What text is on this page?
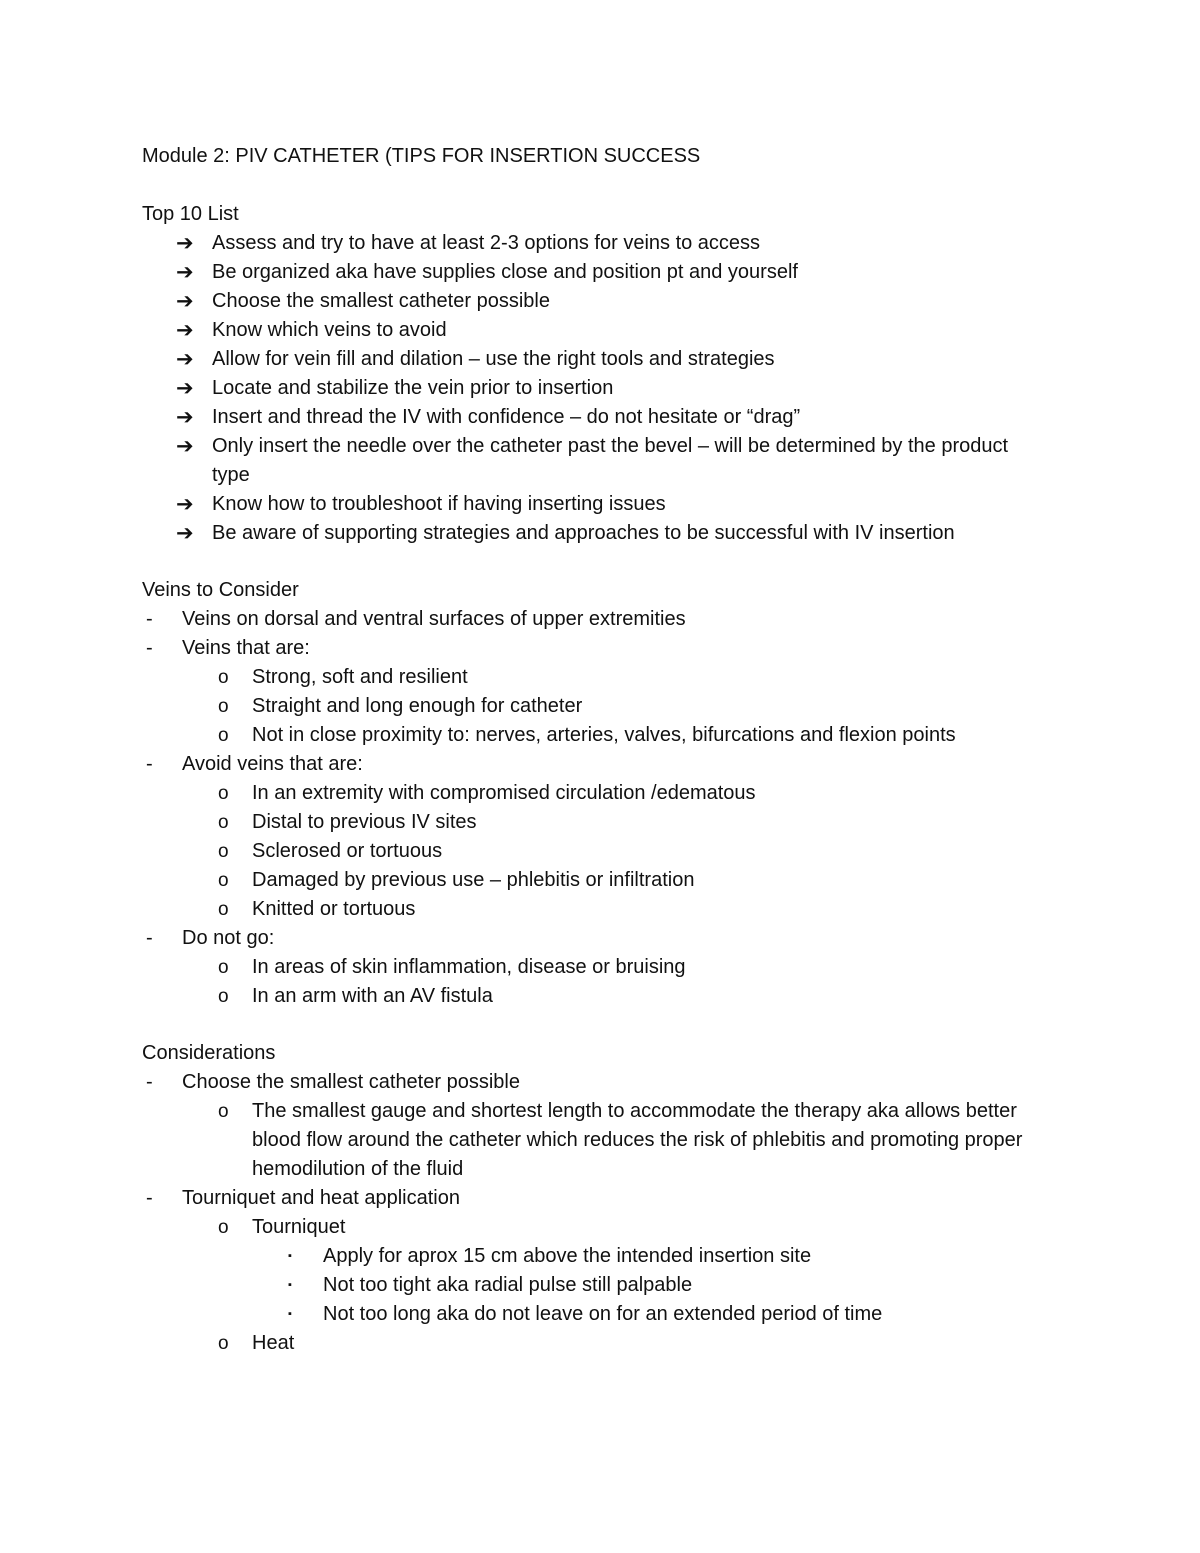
Module 2: PIV CATHETER (TIPS FOR INSERTION SUCCESS
Top 10 List
➔ Assess and try to have at least 2-3 options for veins to access
➔ Be organized aka have supplies close and position pt and yourself
➔ Choose the smallest catheter possible
➔ Know which veins to avoid
➔ Allow for vein fill and dilation – use the right tools and strategies
➔ Locate and stabilize the vein prior to insertion
➔ Insert and thread the IV with confidence – do not hesitate or “drag”
➔ Only insert the needle over the catheter past the bevel – will be determined by the product type
➔ Know how to troubleshoot if having inserting issues
➔ Be aware of supporting strategies and approaches to be successful with IV insertion
Veins to Consider
-	Veins on dorsal and ventral surfaces of upper extremities
-	Veins that are:
o	Strong, soft and resilient
o	Straight and long enough for catheter
o	Not in close proximity to: nerves, arteries, valves, bifurcations and flexion points
-	Avoid veins that are:
o	In an extremity with compromised circulation /edematous
o	Distal to previous IV sites
o	Sclerosed or tortuous
o	Damaged by previous use – phlebitis or infiltration
o	Knitted or tortuous
-	Do not go:
o	In areas of skin inflammation, disease or bruising
o	In an arm with an AV fistula
Considerations
-	Choose the smallest catheter possible
o	The smallest gauge and shortest length to accommodate the therapy aka allows better blood flow around the catheter which reduces the risk of phlebitis and promoting proper hemodilution of the fluid
-	Tourniquet and heat application
o	Tourniquet
▪	Apply for aprox 15 cm above the intended insertion site
▪	Not too tight aka radial pulse still palpable
▪	Not too long aka do not leave on for an extended period of time
o	Heat
